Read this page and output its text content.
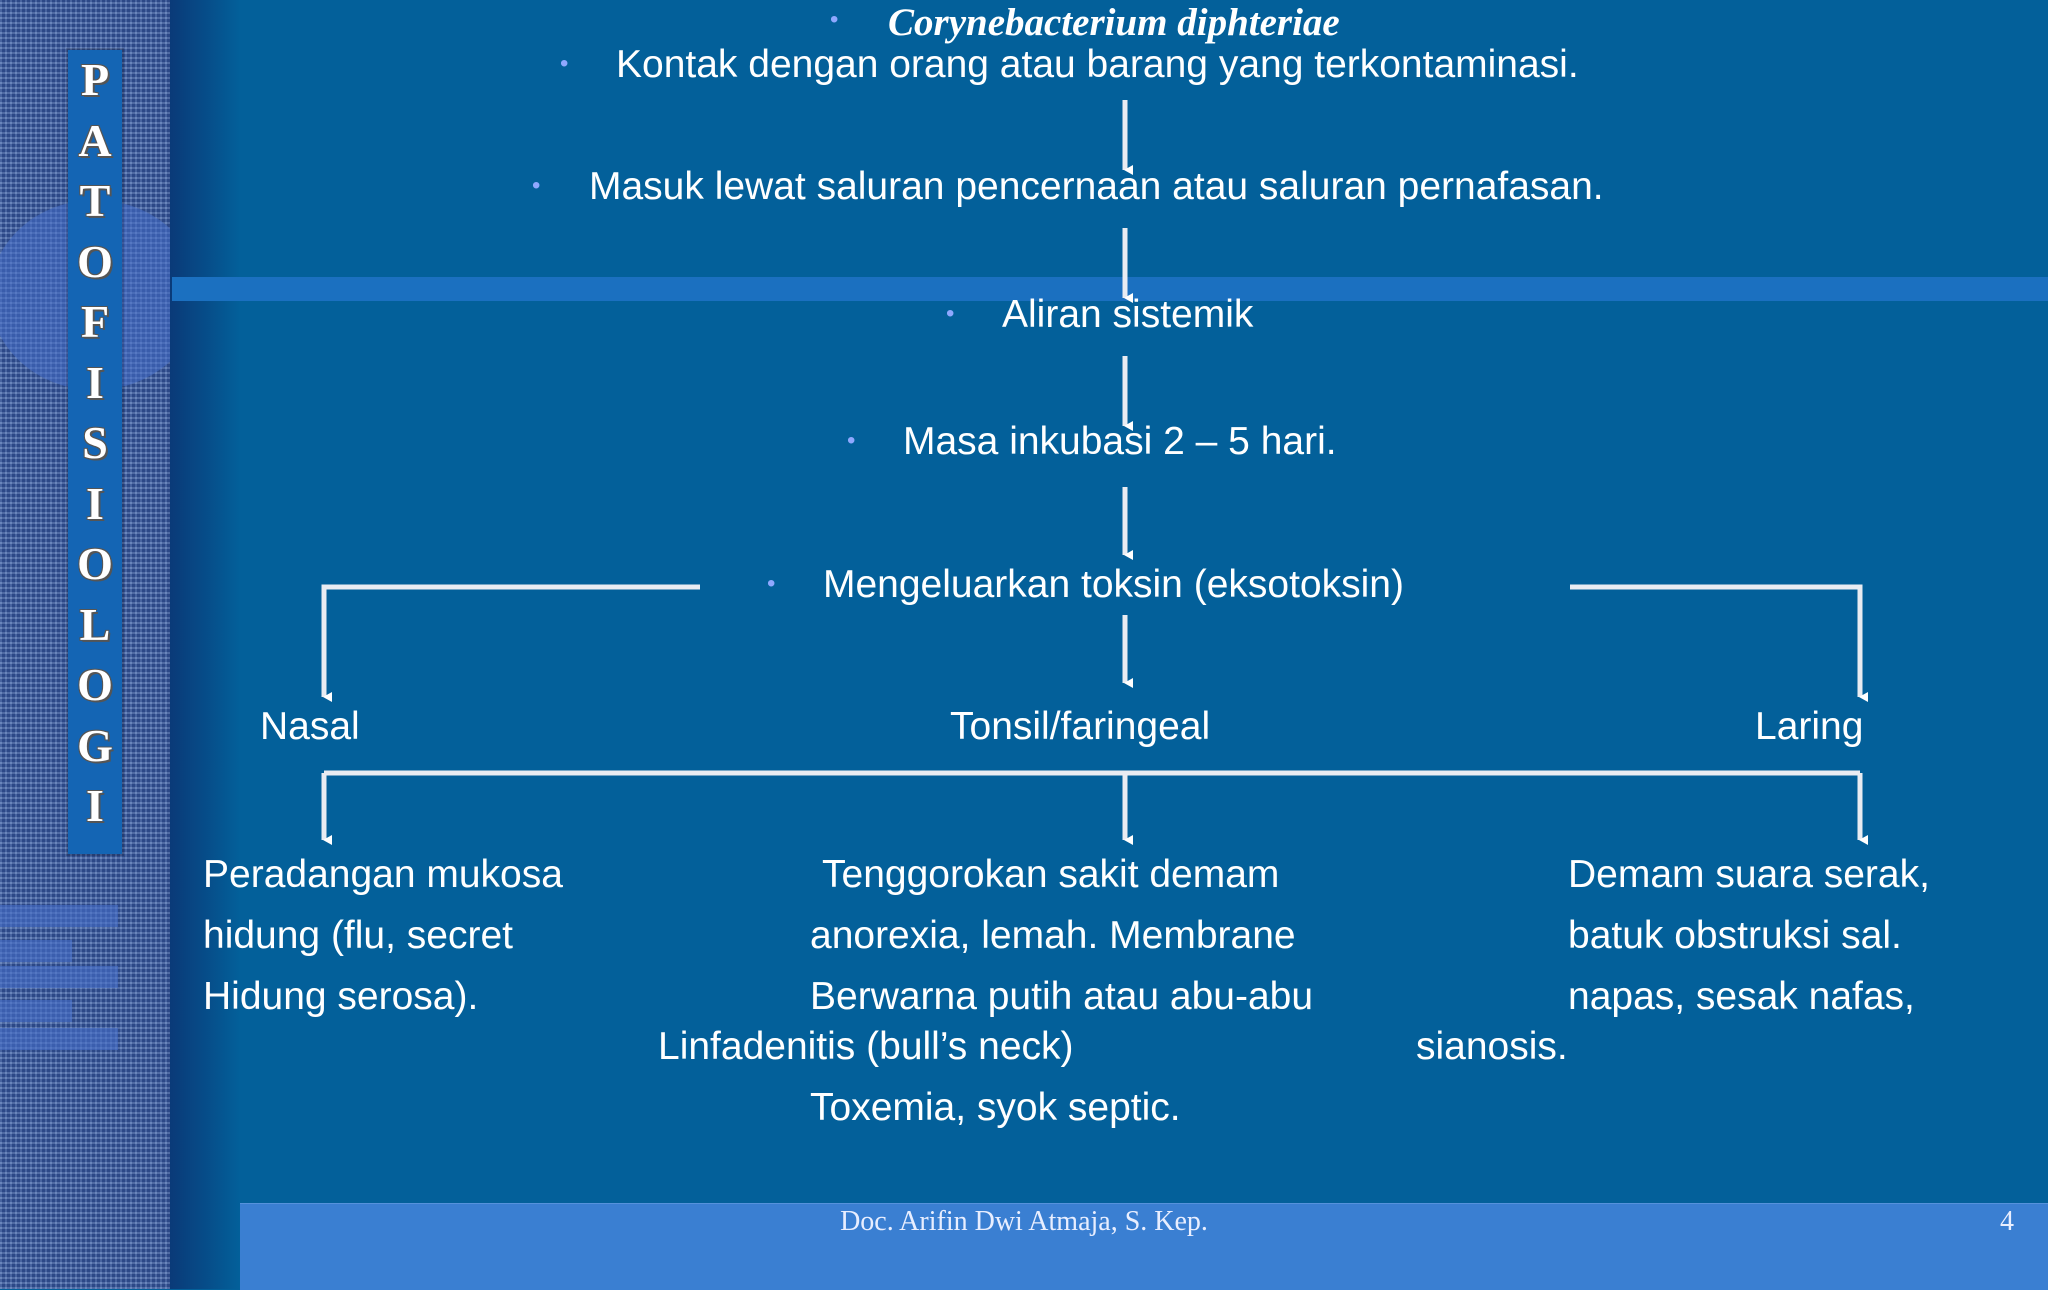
P
A
T
O
F
I
S
I
O
L
O
G
I
• Corynebacterium diphteriae
• Kontak dengan orang atau barang yang terkontaminasi.
• Masuk lewat saluran pencernaan atau saluran pernafasan.
• Aliran sistemik
• Masa inkubasi 2 – 5 hari.
• Mengeluarkan toksin (eksotoksin)
Nasal	Tonsil/faringeal	Laring
Peradangan mukosa
hidung (flu, secret
Hidung serosa).
Tenggorokan sakit demam
anorexia, lemah. Membrane
Berwarna putih atau abu-abu
Linfadenitis (bull’s neck)
Toxemia, syok septic.
Demam suara serak,
batuk obstruksi sal.
napas, sesak nafas,
sianosis.
Doc. Arifin Dwi Atmaja, S. Kep.	4
